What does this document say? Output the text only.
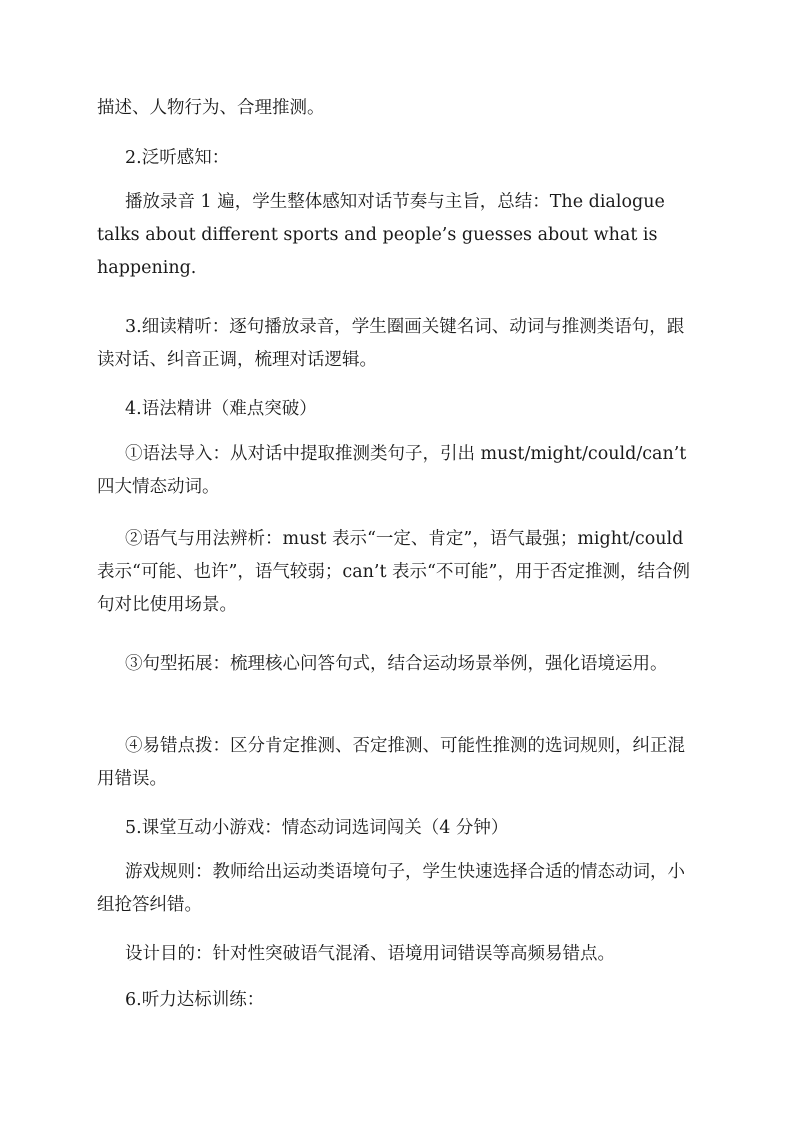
描述、人物行为、合理推测。

2.泛听感知：

播放录音 1 遍，学生整体感知对话节奏与主旨，总结：The dialogue talks about different sports and people’s guesses about what is happening.

3.细读精听：逐句播放录音，学生圈画关键名词、动词与推测类语句，跟读对话、纠音正调，梳理对话逻辑。

4.语法精讲（难点突破）

①语法导入：从对话中提取推测类句子，引出 must/might/could/can’t 四大情态动词。

②语气与用法辨析：must 表示“一定、肯定”，语气最强；might/could 表示“可能、也许”，语气较弱；can’t 表示“不可能”，用于否定推测，结合例句对比使用场景。

③句型拓展：梳理核心问答句式，结合运动场景举例，强化语境运用。

④易错点拨：区分肯定推测、否定推测、可能性推测的选词规则，纠正混用错误。

5.课堂互动小游戏：情态动词选词闯关（4 分钟）

游戏规则：教师给出运动类语境句子，学生快速选择合适的情态动词，小组抢答纠错。

设计目的：针对性突破语气混淆、语境用词错误等高频易错点。

6.听力达标训练：
